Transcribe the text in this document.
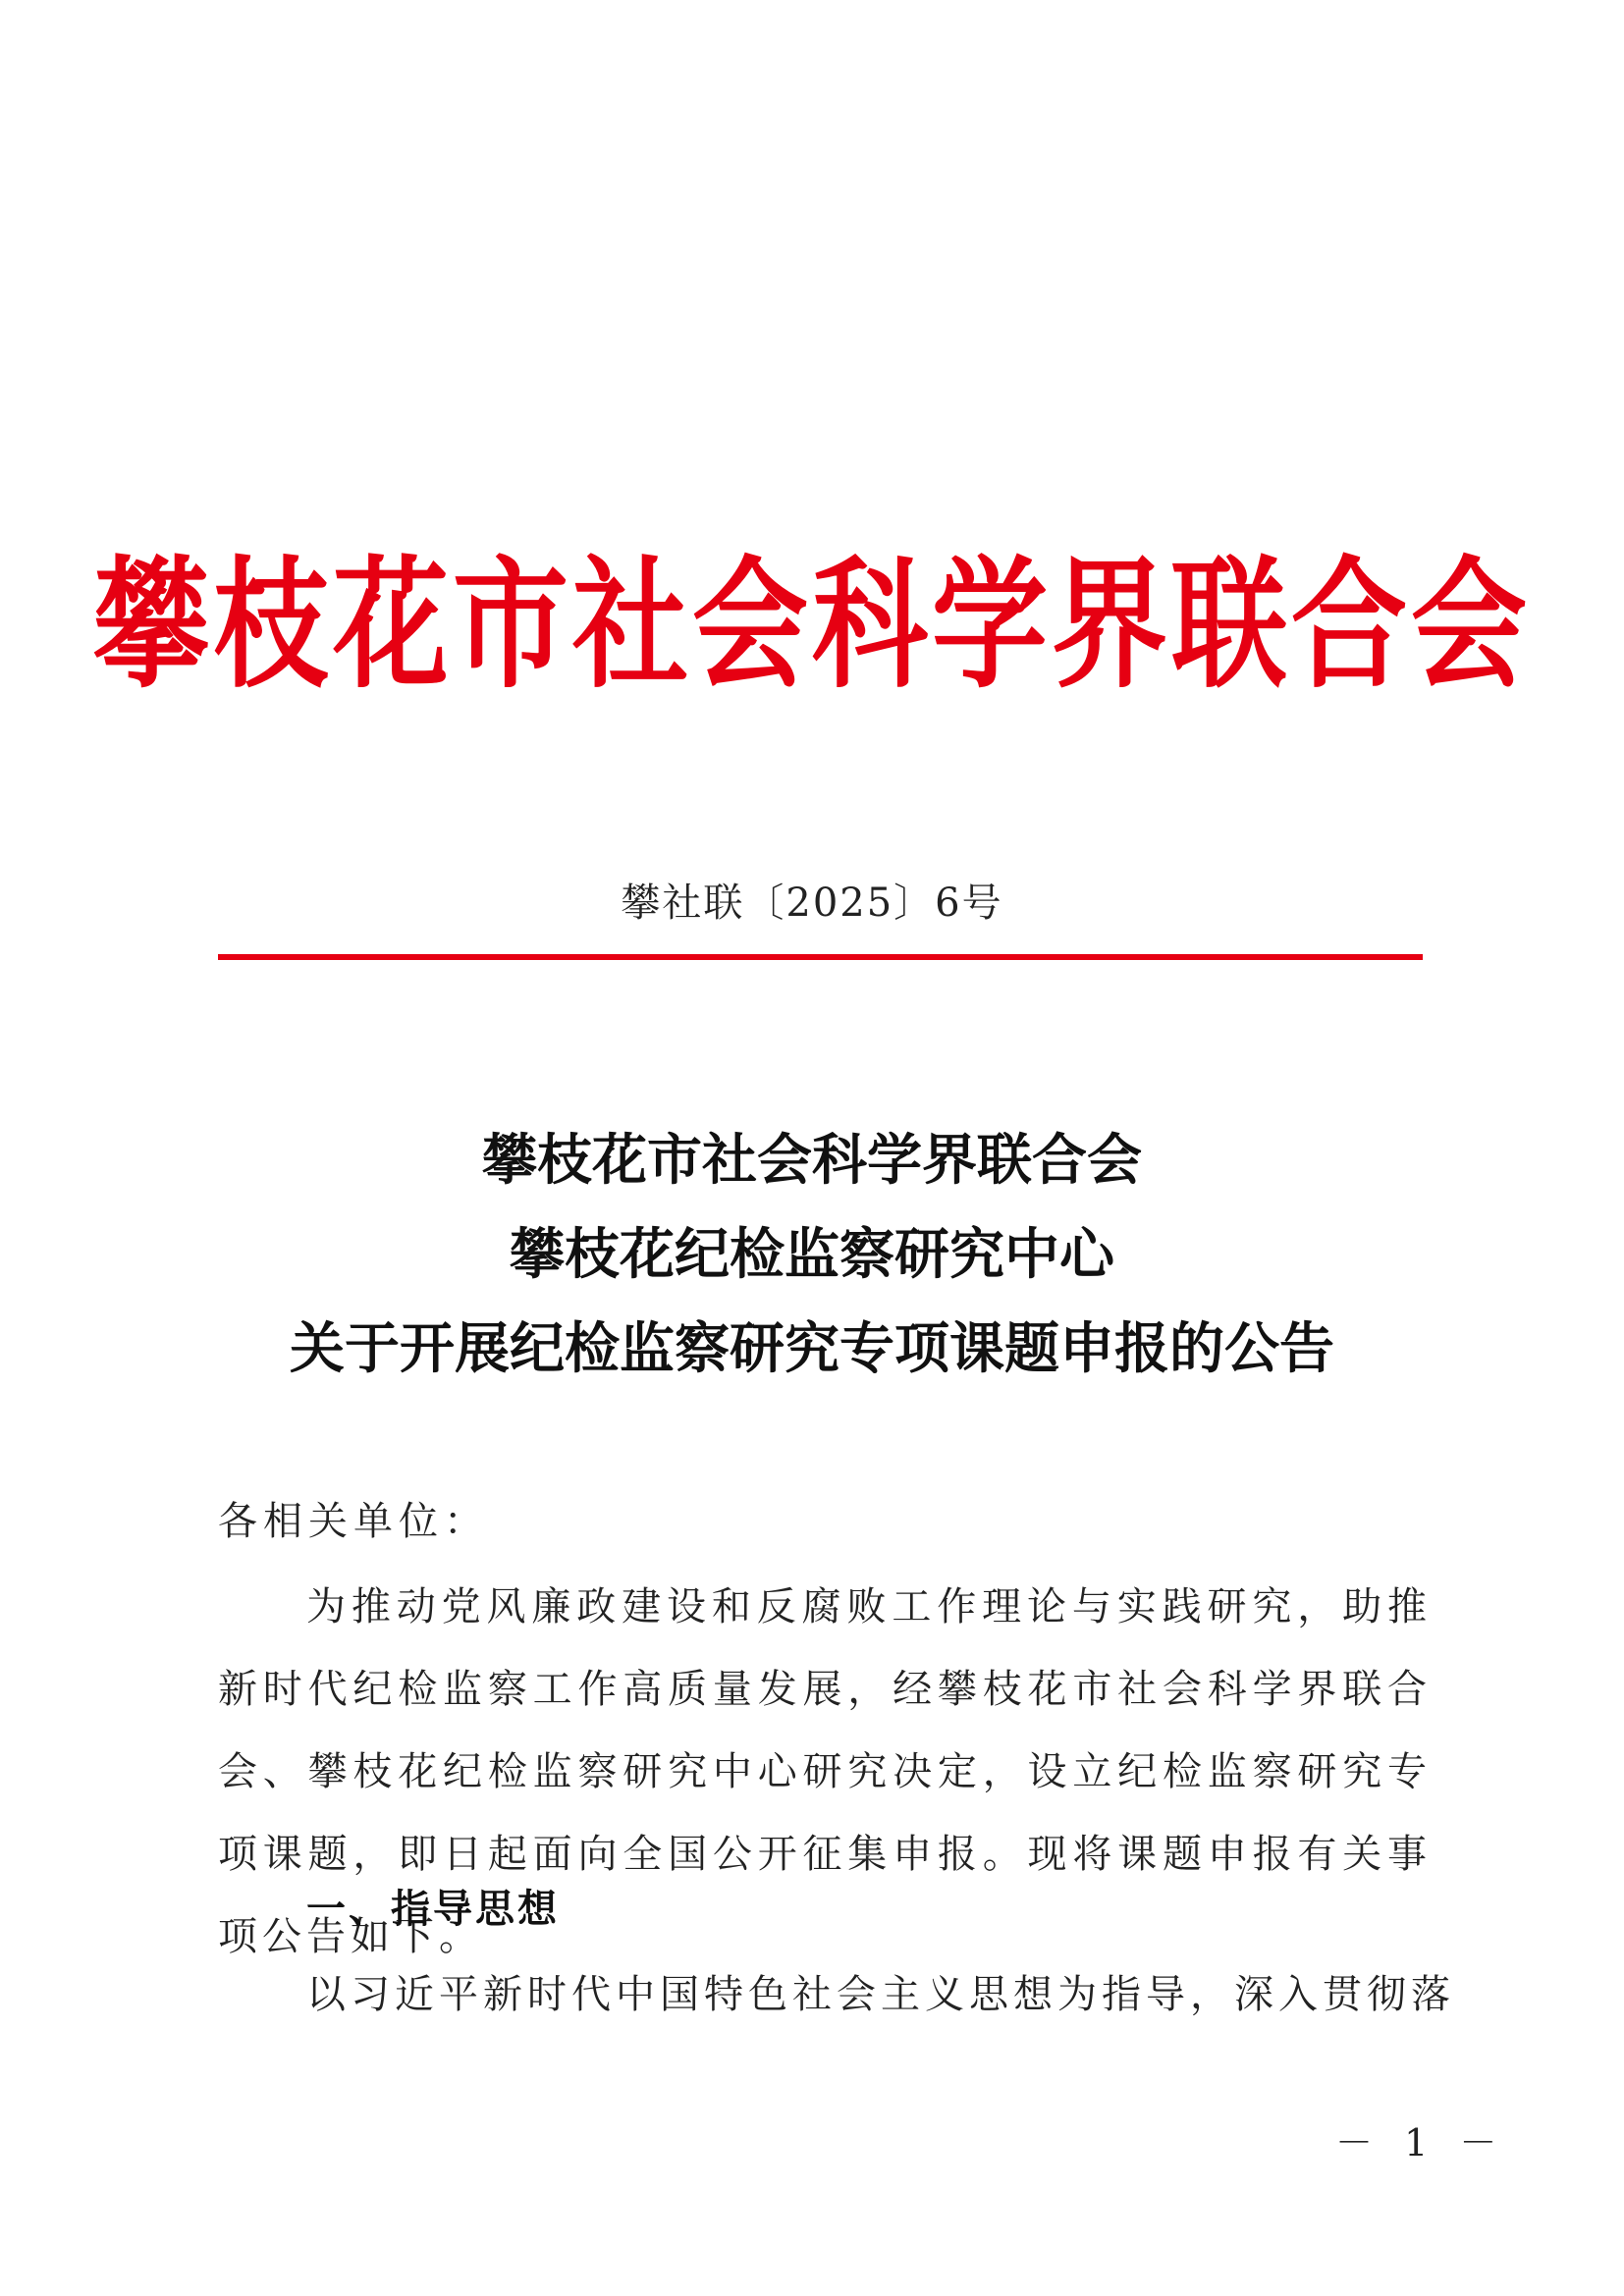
攀枝花市社会科学界联合会
攀社联〔2025〕6号
攀枝花市社会科学界联合会
攀枝花纪检监察研究中心
关于开展纪检监察研究专项课题申报的公告
各相关单位：

为推动党风廉政建设和反腐败工作理论与实践研究，助推新时代纪检监察工作高质量发展，经攀枝花市社会科学界联合会、攀枝花纪检监察研究中心研究决定，设立纪检监察研究专项课题，即日起面向全国公开征集申报。现将课题申报有关事项公告如下。

一、指导思想
以习近平新时代中国特色社会主义思想为指导，深入贯彻落
－ 1 －
